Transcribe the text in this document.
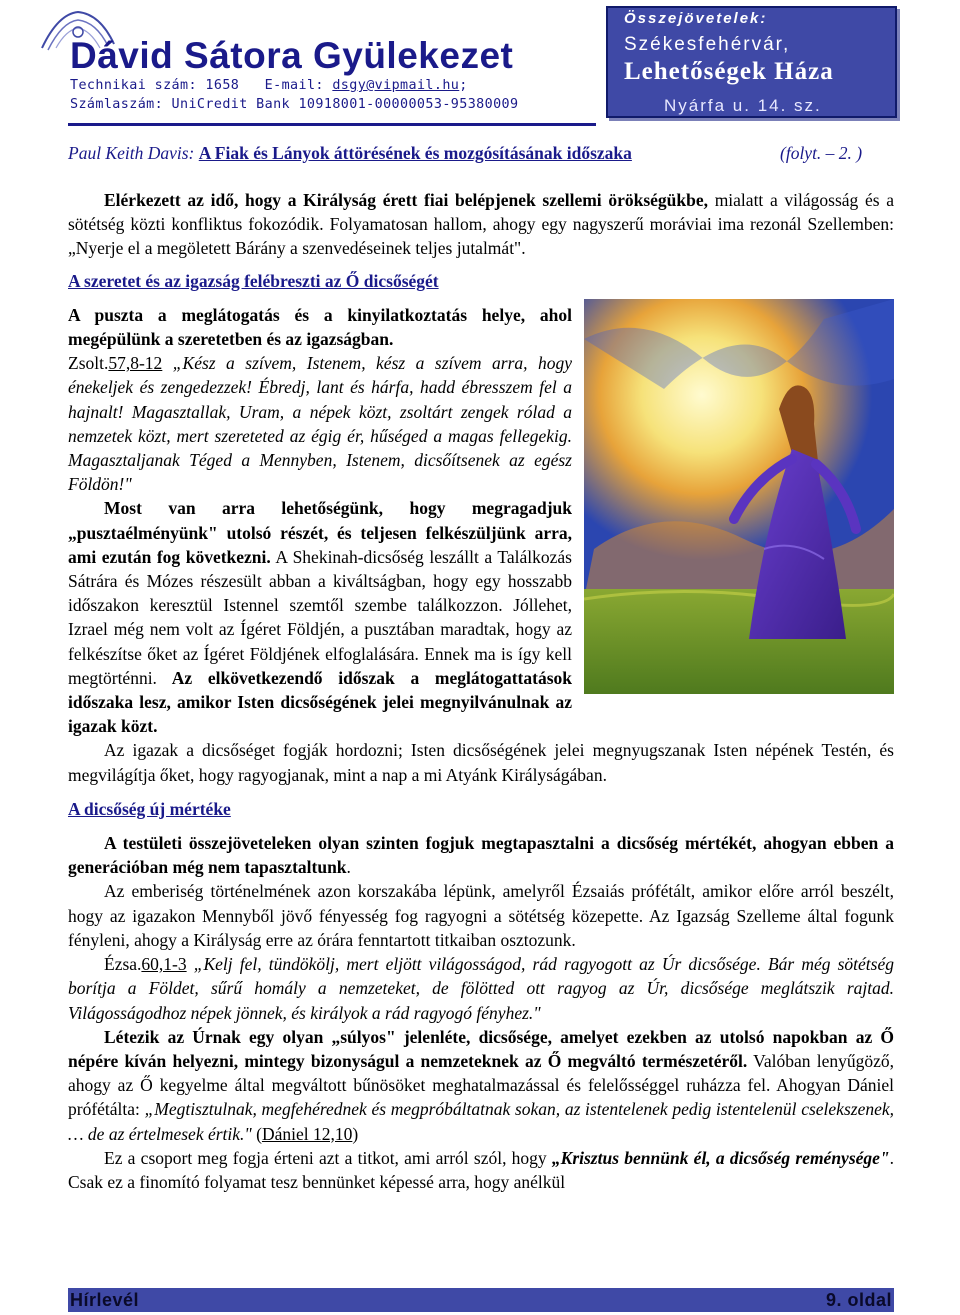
Dávid Sátora Gyülekezet
Technikai szám: 1658 E-mail: dsgy@vipmail.hu;
Számlaszám: UniCredit Bank 10918001-00000053-95380009
Összejövetelek:
Székesfehérvár,
Lehetőségek Háza
Nyárfa u. 14. sz.
Paul Keith Davis: A Fiak és Lányok áttörésének és mozgósításának időszaka	(folyt. – 2. )

Elérkezett az idő, hogy a Királyság érett fiai belépjenek szellemi örökségükbe, mialatt a világosság és a sötétség közti konfliktus fokozódik. Folyamatosan hallom, ahogy egy nagyszerű moráviai ima rezonál Szellemben: „Nyerje el a megöletett Bárány a szenvedéseinek teljes jutalmát".

A szeretet és az igazság felébreszti az Ő dicsőségét

A puszta a meglátogatás és a kinyilatkoztatás helye, ahol megépülünk a szeretetben és az igazságban.

Zsolt.57,8-12 „Kész a szívem, Istenem, kész a szívem arra, hogy énekeljek és zengedezzek! Ébredj, lant és hárfa, hadd ébresszem fel a hajnalt! Magasztallak, Uram, a népek közt, zsoltárt zengek rólad a nemzetek közt, mert szereteted az égig ér, hűséged a magas fellegekig. Magasztaljanak Téged a Mennyben, Istenem, dicsőítsenek az egész Földön!"

Most van arra lehetőségünk, hogy megragadjuk „pusztaélményünk" utolsó részét, és teljesen felkészüljünk arra, ami ezután fog következni. A Shekinah-dicsőség leszállt a Találkozás Sátrára és Mózes részesült abban a kiváltságban, hogy egy hosszabb időszakon keresztül Istennel szemtől szembe találkozzon. Jóllehet, Izrael még nem volt az Ígéret Földjén, a pusztában maradtak, hogy az felkészítse őket az Ígéret Földjének elfoglalására. Ennek ma is így kell megtörténni. Az elkövetkezendő időszak a meglátogattatások időszaka lesz, amikor Isten dicsőségének jelei megnyilvánulnak az igazak közt.

Az igazak a dicsőséget fogják hordozni; Isten dicsőségének jelei megnyugszanak Isten népének Testén, és megvilágítja őket, hogy ragyogjanak, mint a nap a mi Atyánk Királyságában.

A dicsőség új mértéke

A testületi összejöveteleken olyan szinten fogjuk megtapasztalni a dicsőség mértékét, ahogyan ebben a generációban még nem tapasztaltunk.

Az emberiség történelmének azon korszakába lépünk, amelyről Ézsaiás prófétált, amikor előre arról beszélt, hogy az igazakon Mennyből jövő fényesség fog ragyogni a sötétség közepette. Az Igazság Szelleme által fogunk fényleni, ahogy a Királyság erre az órára fenntartott titkaiban osztozunk.

Ézsa.60,1-3 „Kelj fel, tündökölj, mert eljött világosságod, rád ragyogott az Úr dicsősége. Bár még sötétség borítja a Földet, sűrű homály a nemzeteket, de fölötted ott ragyog az Úr, dicsősége meglátszik rajtad. Világosságodhoz népek jönnek, és királyok a rád ragyogó fényhez."

Létezik az Úrnak egy olyan „súlyos" jelenléte, dicsősége, amelyet ezekben az utolsó napokban az Ő népére kíván helyezni, mintegy bizonyságul a nemzeteknek az Ő megváltó természetéről. Valóban lenyűgöző, ahogy az Ő kegyelme által megváltott bűnösöket meghatalmazással és felelősséggel ruházza fel. Ahogyan Dániel prófétálta: „Megtisztulnak, megfehérednek és megpróbáltatnak sokan, az istentelenek pedig istentelenül cselekszenek, … de az értelmesek értik." (Dániel 12,10)

Ez a csoport meg fogja érteni azt a titkot, ami arról szól, hogy „Krisztus bennünk él, a dicsőség reménysége". Csak ez a finomító folyamat tesz bennünket képessé arra, hogy anélkül

Hírlevél	9. oldal
